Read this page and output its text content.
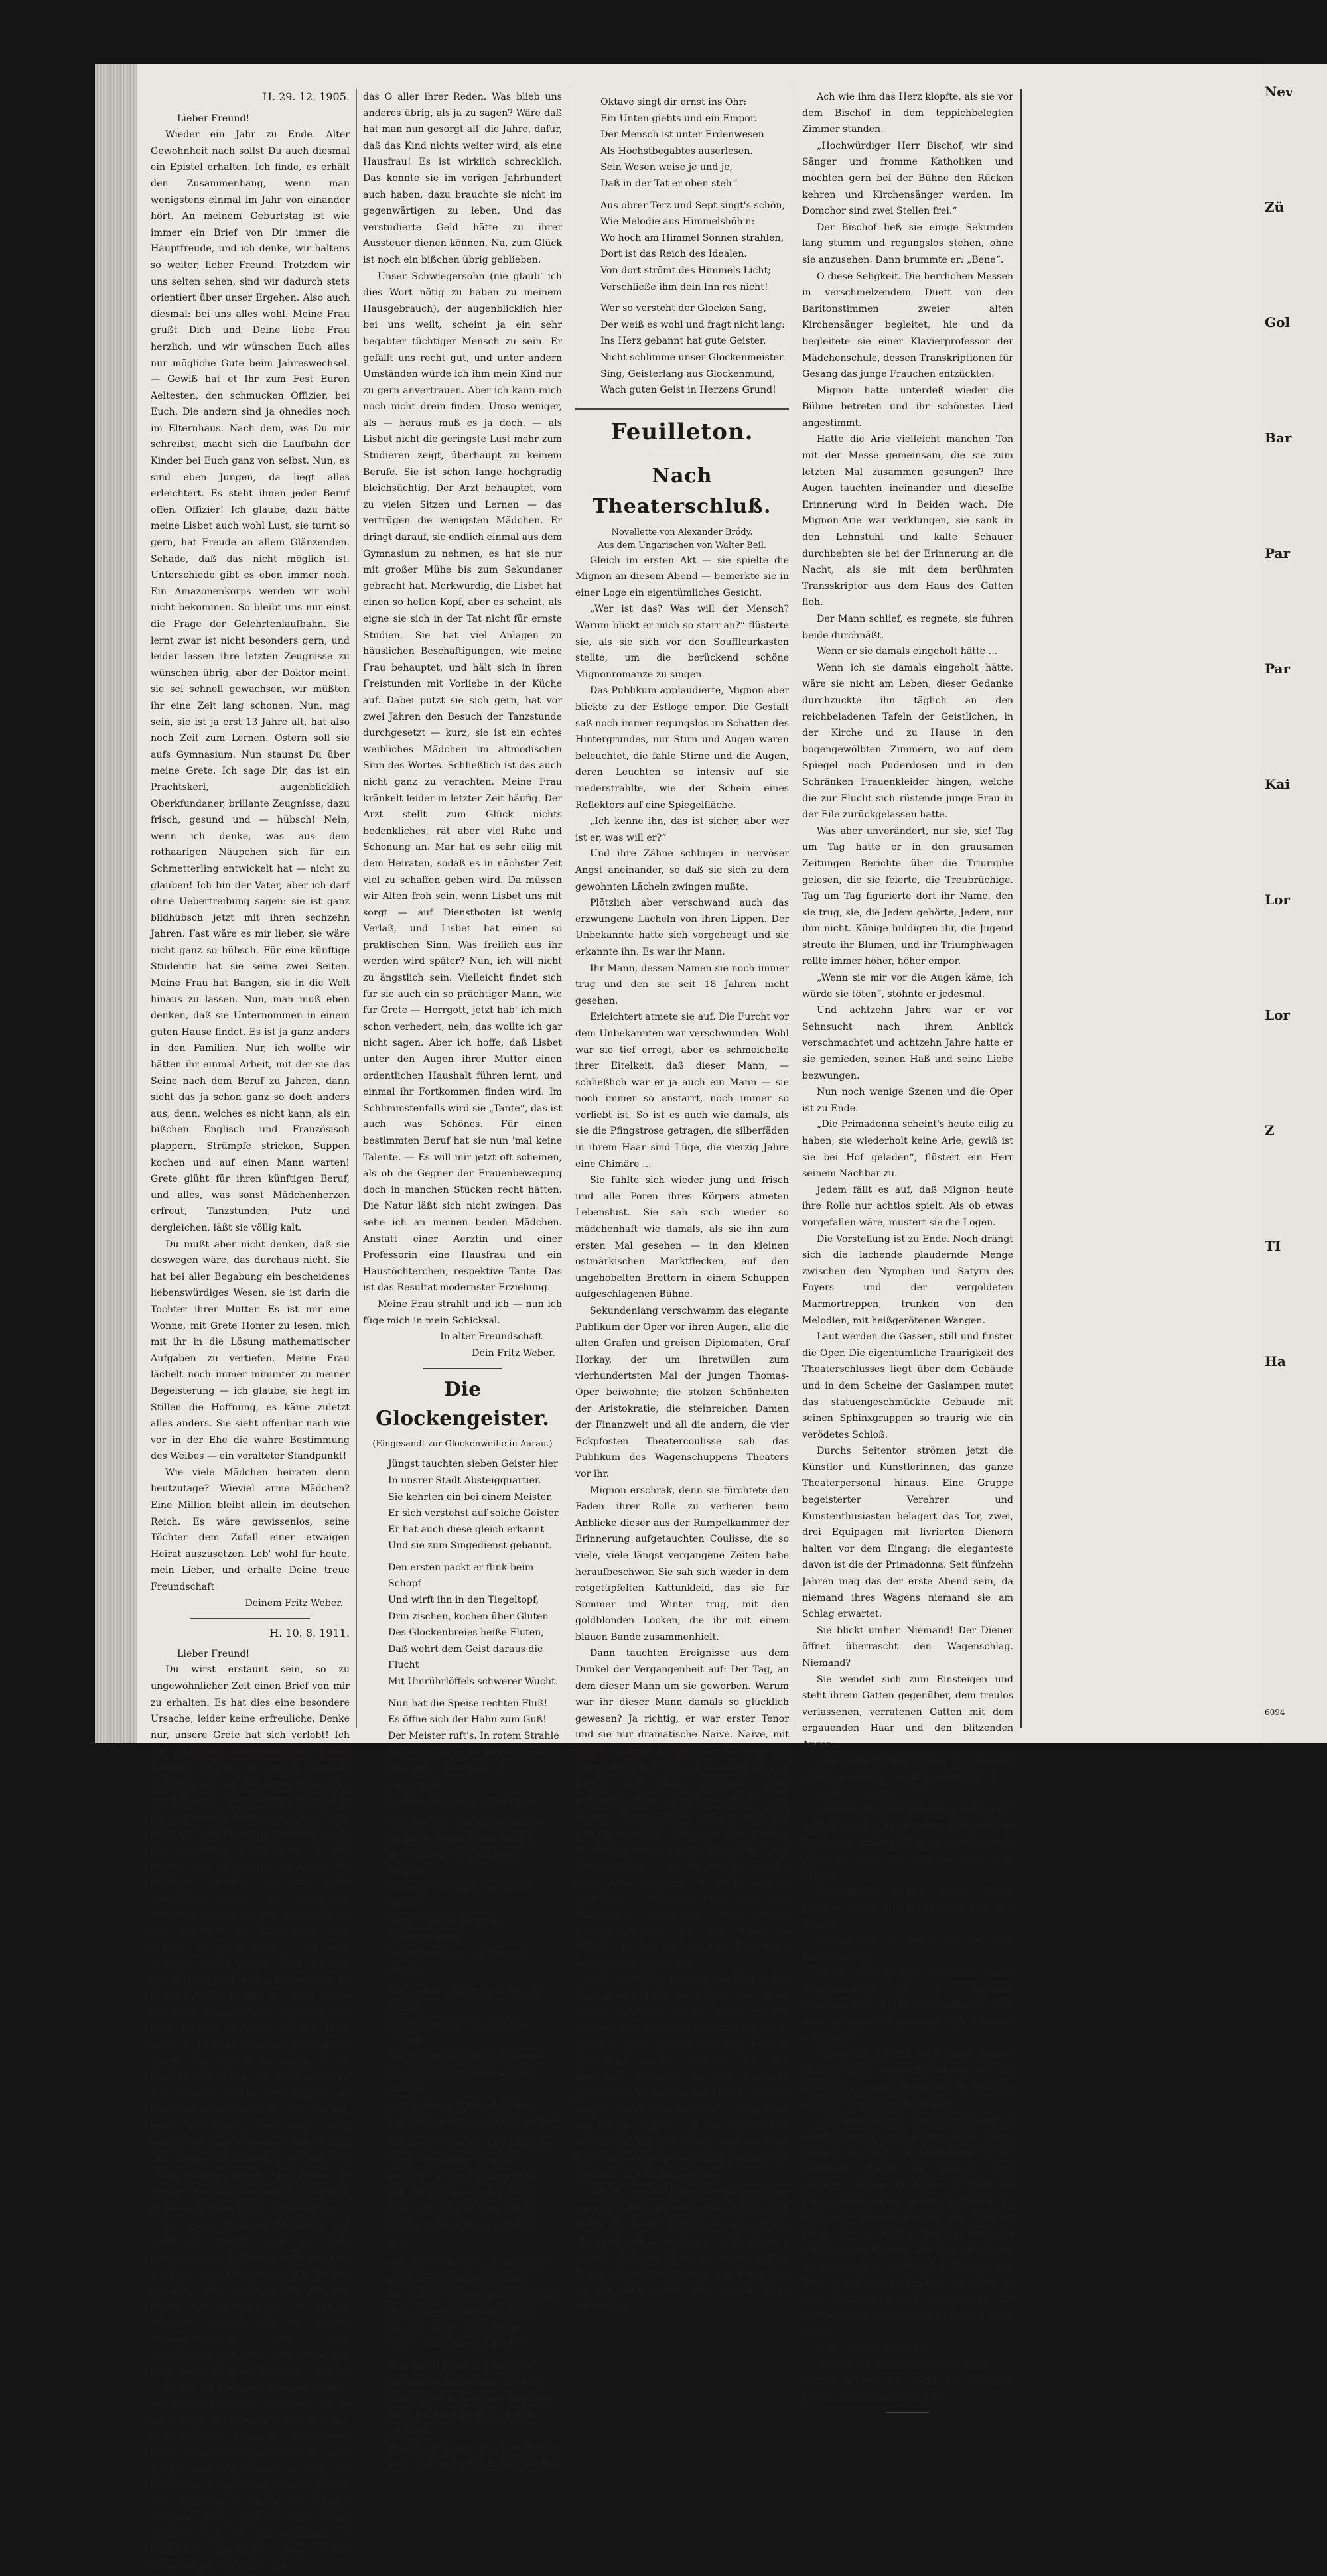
H. 29. 12. 1905.

Lieber Freund!

Wieder ein Jahr zu Ende. Alter Gewohnheit nach sollst Du auch diesmal ein Epistel erhalten. Ich finde, es erhält den Zusammenhang, wenn man wenigstens einmal im Jahr von einander hört. An meinem Geburtstag ist wie immer ein Brief von Dir immer die Hauptfreude, und ich denke, wir haltens so weiter, lieber Freund. Trotzdem wir uns selten sehen, sind wir dadurch stets orientiert über unser Ergehen. Also auch diesmal: bei uns alles wohl. Meine Frau grüßt Dich und Deine liebe Frau herzlich, und wir wünschen Euch alles nur mögliche Gute beim Jahreswechsel. — Gewiß hat et Ihr zum Fest Euren Aeltesten, den schmucken Offizier, bei Euch. Die andern sind ja ohnedies noch im Elternhaus. Nach dem, was Du mir schreibst, macht sich die Laufbahn der Kinder bei Euch ganz von selbst. Nun, es sind eben Jungen, da liegt alles erleichtert. Es steht ihnen jeder Beruf offen. Offizier! Ich glaube, dazu hätte meine Lisbet auch wohl Lust, sie turnt so gern, hat Freude an allem Glänzenden. Schade, daß das nicht möglich ist. Unterschiede gibt es eben immer noch. Ein Amazonenkorps werden wir wohl nicht bekommen. So bleibt uns nur einst die Frage der Gelehrtenlaufbahn. Sie lernt zwar ist nicht besonders gern, und leider lassen ihre letzten Zeugnisse zu wünschen übrig, aber der Doktor meint, sie sei schnell gewachsen, wir müßten ihr eine Zeit lang schonen. Nun, mag sein, sie ist ja erst 13 Jahre alt, hat also noch Zeit zum Lernen. Ostern soll sie aufs Gymnasium. Nun staunst Du über meine Grete. Ich sage Dir, das ist ein Prachtskerl, augenblicklich Oberkfundaner, brillante Zeugnisse, dazu frisch, gesund und — hübsch! Nein, wenn ich denke, was aus dem rothaarigen Näupchen sich für ein Schmetterling entwickelt hat — nicht zu glauben! Ich bin der Vater, aber ich darf ohne Uebertreibung sagen: sie ist ganz bildhübsch jetzt mit ihren sechzehn Jahren. Fast wäre es mir lieber, sie wäre nicht ganz so hübsch. Für eine künftige Studentin hat sie seine zwei Seiten. Meine Frau hat Bangen, sie in die Welt hinaus zu lassen. Nun, man muß eben denken, daß sie Unternommen in einem guten Hause findet. Es ist ja ganz anders in den Familien. Nur, ich wollte wir hätten ihr einmal Arbeit, mit der sie das Seine nach dem Beruf zu Jahren, dann sieht das ja schon ganz so doch anders aus, denn, welches es nicht kann, als ein bißchen Englisch und Französisch plappern, Strümpfe stricken, Suppen kochen und auf einen Mann warten! Grete glüht für ihren künftigen Beruf, und alles, was sonst Mädchenherzen erfreut, Tanzstunden, Putz und dergleichen, läßt sie völlig kalt.

Du mußt aber nicht denken, daß sie deswegen wäre, das durchaus nicht. Sie hat bei aller Begabung ein bescheidenes liebenswürdiges Wesen, sie ist darin die Tochter ihrer Mutter. Es ist mir eine Wonne, mit Grete Homer zu lesen, mich mit ihr in die Lösung mathematischer Aufgaben zu vertiefen. Meine Frau lächelt noch immer minunter zu meiner Begeisterung — ich glaube, sie hegt im Stillen die Hoffnung, es käme zuletzt alles anders. Sie sieht offenbar nach wie vor in der Ehe die wahre Bestimmung des Weibes — ein veralteter Standpunkt!

Wie viele Mädchen heiraten denn heutzutage? Wieviel arme Mädchen? Eine Million bleibt allein im deutschen Reich. Es wäre gewissenlos, seine Töchter dem Zufall einer etwaigen Heirat auszusetzen. Leb' wohl für heute, mein Lieber, und erhalte Deine treue Freundschaft

Deinem Fritz Weber.
H. 10. 8. 1911.

Lieber Freund!

Du wirst erstaunt sein, so zu ungewöhnlicher Zeit einen Brief von mir zu erhalten. Es hat dies eine besondere Ursache, leider keine erfreuliche. Denke nur, unsere Grete hat sich verlobt! Ich bin noch ganz benommen von diesem Ereignis, welches in andern Familien vielleicht als ein freudiges bezeichnet werden würde. Aber bei uns! Nein, hätte ich so etwas für möglich gehalten. Grete hatte eben ihr Physikum bestanden, sehr gut bestanden, trotzdem sie in der letzten Zeit oft meinte, es kämen ihr mitunter Zweifel, ob ihre Kraft ausreichen würde für praktische Verwertung ihrer Studien. Das sollte so viel Schweres zu überwinden. Das nehme ich nicht ernst — es geht Männern häufig ebenso. Kurz, ich war glücklich und sah meine Grete schon im Doktorhut. Da kommt sie eines Tages angereist, ganz plötzlich, wirft sich erst ihrer Mutter, dann mir an den Hals, weint, lacht, und ruft aus: Ach, Ihr lieben Eltern, ich bin ja so glücklich, so unendlich glücklich, ich habe mich mit Mar Herzer verlobt! Du kannst Dir unsern Schrecken denken, d. h. meinen, müßt' ich sagen, denn meine Frau machte ein ganz befriedigte Miene dazu und behauptete hinterher, sie hätte so etwas kommen sehen. Mar Herzer ist nämlich der Sohn des Schulrates Herzer, in dessen Familie Grete in Pension war.

Der junge Mann ist Mediziner und steht im Begriff, sich als Arzt niederzulassen. Natürlich hatte er unser Studium ihn öfters in seinen Briefen erwähnt, aber dabei dachte ich mir nichts. Das Interesse für die gleiche Studium musste sie ja beiden zusammenführen. Nun war selbstverständlich erst sehr böse und hielt Grete eine große Strafrede, aber sie — lachte mich einfach aus und meinte, zur Aerztin bestimmt, nun werde sie ja zur Aerztin in der einfacheren Art einer Frau Doktorin! Es sei ihr freilich erst recht schwer gefallen, sie habe ihre Studien sehr lieb gehabt, sie wolle sie jetzt ihrem Verlobten nicht nachtun, und Mar wünschte sie hätte im weiteren Studium fertig, das sie mir weiter studiere, und sie mir glücklich, so unendlich glücklich. Diese letzte Versicherung war das A und

das O aller ihrer Reden. Was blieb uns anderes übrig, als ja zu sagen? Wäre daß hat man nun gesorgt all' die Jahre, dafür, daß das Kind nichts weiter wird, als eine Hausfrau! Es ist wirklich schrecklich. Das konnte sie im vorigen Jahrhundert auch haben, dazu brauchte sie nicht im gegenwärtigen zu leben. Und das verstudierte Geld hätte zu ihrer Aussteuer dienen können. Na, zum Glück ist noch ein bißchen übrig geblieben.

Unser Schwiegersohn (nie glaub' ich dies Wort nötig zu haben zu meinem Hausgebrauch), der augenblicklich hier bei uns weilt, scheint ja ein sehr begabter tüchtiger Mensch zu sein. Er gefällt uns recht gut, und unter andern Umständen würde ich ihm mein Kind nur zu gern anvertrauen. Aber ich kann mich noch nicht drein finden. Umso weniger, als — heraus muß es ja doch, — als Lisbet nicht die geringste Lust mehr zum Studieren zeigt, überhaupt zu keinem Berufe. Sie ist schon lange hochgradig bleichsüchtig. Der Arzt behauptet, vom zu vielen Sitzen und Lernen — das vertrügen die wenigsten Mädchen. Er dringt darauf, sie endlich einmal aus dem Gymnasium zu nehmen, es hat sie nur mit großer Mühe bis zum Sekundaner gebracht hat. Merkwürdig, die Lisbet hat einen so hellen Kopf, aber es scheint, als eigne sie sich in der Tat nicht für ernste Studien. Sie hat viel Anlagen zu häuslichen Beschäftigungen, wie meine Frau behauptet, und hält sich in ihren Freistunden mit Vorliebe in der Küche auf. Dabei putzt sie sich gern, hat vor zwei Jahren den Besuch der Tanzstunde durchgesetzt — kurz, sie ist ein echtes weibliches Mädchen im altmodischen Sinn des Wortes. Schließlich ist das auch nicht ganz zu verachten. Meine Frau kränkelt leider in letzter Zeit häufig. Der Arzt stellt zum Glück nichts bedenkliches, rät aber viel Ruhe und Schonung an. Mar hat es sehr eilig mit dem Heiraten, sodaß es in nächster Zeit viel zu schaffen geben wird. Da müssen wir Alten froh sein, wenn Lisbet uns mit sorgt — auf Dienstboten ist wenig Verlaß, und Lisbet hat einen so praktischen Sinn. Was freilich aus ihr werden wird später? Nun, ich will nicht zu ängstlich sein. Vielleicht findet sich für sie auch ein so prächtiger Mann, wie für Grete — Herrgott, jetzt hab' ich mich schon verhedert, nein, das wollte ich gar nicht sagen. Aber ich hoffe, daß Lisbet unter den Augen ihrer Mutter einen ordentlichen Haushalt führen lernt, und einmal ihr Fortkommen finden wird. Im Schlimmstenfalls wird sie „Tante“, das ist auch was Schönes. Für einen bestimmten Beruf hat sie nun 'mal keine Talente. — Es will mir jetzt oft scheinen, als ob die Gegner der Frauenbewegung doch in manchen Stücken recht hätten. Die Natur läßt sich nicht zwingen. Das sehe ich an meinen beiden Mädchen. Anstatt einer Aerztin und einer Professorin eine Hausfrau und ein Haustöchterchen, respektive Tante. Das ist das Resultat modernster Erziehung.

Meine Frau strahlt und ich — nun ich füge mich in mein Schicksal.

In alter Freundschaft
Dein Fritz Weber.
Die Glockengeister.
(Eingesandt zur Glockenweihe in Aarau.)
Jüngst tauchten sieben Geister hier
In unsrer Stadt Absteigquartier.
Sie kehrten ein bei einem Meister,
Er sich verstehst auf solche Geister.
Er hat auch diese gleich erkannt
Und sie zum Singedienst gebannt.
Den ersten packt er flink beim Schopf
Und wirft ihn in den Tiegeltopf,
Drin zischen, kochen über Gluten
Des Glockenbreies heiße Fluten,
Daß wehrt dem Geist daraus die Flucht
Mit Umrührlöffels schwerer Wucht.
Nun hat die Speise rechten Fluß!
Es öffne sich der Hahn zum Guß!
Der Meister ruft's. In rotem Strahle
Ergießt sichs in die Glockenschaale,
Erstarrt. — Der Geist ist eingespannt
Ins Erz der Glocke, ist gebannt.
Und wie den ersten er bezwang,
Es mit den andern ihm gelang.
Der Glocken sieben goß der Meister;
Gebannt sind auch die sieben Geister.
Wenn anklopft Klöppels Schwergewicht,
So hört man wie, so Ringend spricht.
Aus großer Glocke tönts: Bimm, bumm!
Wo Bildung fehlt, geht vieles krumm.
Mit Bildung, der Weg zu Frieden;
Doch Tore führt man leicht die Blinden.
Volksbildung, breite, tiefe, vor,
Soll Volk und Staat zur Höh' empor!
Aus zweiter Glocke, Terz heißt sie,
Singt lebensfrohe Melodie:
Die Erde ist ein Wundergarten
Voll duft'ger Rosen aller Arten.
Geh', labe Dich an ihrer Pracht,
Doch nimm vor Dornen dich in acht!
Aus dritter Glocke, s'ist die Quint,
Zu hallen mächtig es beginnt:
Die Selbsterziehung keiner scheue!
Dem Andern gebe Deine Treue!
Die edle Kraft, die ist in dir,
In Tun und Lassen dominier!
Nun höre Liebes Ton und Text,
Die vierte Glocke singt, die Sext:
Wenn Einer sich zu weit vergriffen,
Beim Rückzug kann er abwärts schleifen,
Was du auch tust, wie du es treibst,
Sieh', daß in dir der Höh bu bleibst!
Oktave singt dir ernst ins Ohr:
Ein Unten giebts und ein Empor.
Der Mensch ist unter Erdenwesen
Als Höchstbegabtes auserlesen.
Sein Wesen weise je und je,
Daß in der Tat er oben steh'!
Aus obrer Terz und Sept singt's schön,
Wie Melodie aus Himmelshöh'n:
Wo hoch am Himmel Sonnen strahlen,
Dort ist das Reich des Idealen.
Von dort strömt des Himmels Licht;
Verschließe ihm dein Inn'res nicht!
Wer so versteht der Glocken Sang,
Der weiß es wohl und fragt nicht lang:
Ins Herz gebannt hat gute Geister,
Nicht schlimme unser Glockenmeister.
Sing, Geisterlang aus Glockenmund,
Wach guten Geist in Herzens Grund!
Feuilleton.
Nach Theaterschluß.
Novellette von Alexander Bródy.
Aus dem Ungarischen von Walter Beil.

Gleich im ersten Akt — sie spielte die Mignon an diesem Abend — bemerkte sie in einer Loge ein eigentümliches Gesicht.

„Wer ist das? Was will der Mensch? Warum blickt er mich so starr an?“ flüsterte sie, als sie sich vor den Souffleurkasten stellte, um die berückend schöne Mignonromanze zu singen.

Das Publikum applaudierte, Mignon aber blickte zu der Estloge empor. Die Gestalt saß noch immer regungslos im Schatten des Hintergrundes, nur Stirn und Augen waren beleuchtet, die fahle Stirne und die Augen, deren Leuchten so intensiv auf sie niederstrahlte, wie der Schein eines Reflektors auf eine Spiegelfläche.

„Ich kenne ihn, das ist sicher, aber wer ist er, was will er?“

Und ihre Zähne schlugen in nervöser Angst aneinander, so daß sie sich zu dem gewohnten Lächeln zwingen mußte.

Plötzlich aber verschwand auch das erzwungene Lächeln von ihren Lippen. Der Unbekannte hatte sich vorgebeugt und sie erkannte ihn. Es war ihr Mann.

Ihr Mann, dessen Namen sie noch immer trug und den sie seit 18 Jahren nicht gesehen.

Erleichtert atmete sie auf. Die Furcht vor dem Unbekannten war verschwunden. Wohl war sie tief erregt, aber es schmeichelte ihrer Eitelkeit, daß dieser Mann, — schließlich war er ja auch ein Mann — sie noch immer so anstarrt, noch immer so verliebt ist. So ist es auch wie damals, als sie die Pfingstrose getragen, die silberfäden in ihrem Haar sind Lüge, die vierzig Jahre eine Chimäre ...

Sie fühlte sich wieder jung und frisch und alle Poren ihres Körpers atmeten Lebenslust. Sie sah sich wieder so mädchenhaft wie damals, als sie ihn zum ersten Mal gesehen — in den kleinen ostmärkischen Marktflecken, auf den ungehobelten Brettern in einem Schuppen aufgeschlagenen Bühne.

Sekundenlang verschwamm das elegante Publikum der Oper vor ihren Augen, alle die alten Grafen und greisen Diplomaten, Graf Horkay, der um ihretwillen zum vierhundertsten Mal der jungen Thomas-Oper beiwohnte; die stolzen Schönheiten der Aristokratie, die steinreichen Damen der Finanzwelt und all die andern, die vier Eckpfosten Theatercoulisse sah das Publikum des Wagenschuppens Theaters vor ihr.

Mignon erschrak, denn sie fürchtete den Faden ihrer Rolle zu verlieren beim Anblicke dieser aus der Rumpelkammer der Erinnerung aufgetauchten Coulisse, die so viele, viele längst vergangene Zeiten habe heraufbeschwor. Sie sah sich wieder in dem rotgetüpfelten Kattunkleid, das sie für Sommer und Winter trug, mit den goldblonden Locken, die ihr mit einem blauen Bande zusammenhielt.

Dann tauchten Ereignisse aus dem Dunkel der Vergangenheit auf: Der Tag, an dem dieser Mann um sie geworben. Warum war ihr dieser Mann damals so glücklich gewesen? Ja richtig, er war erster Tenor und sie nur dramatische Naive. Naive, mit dieser Stimme! Sie glaubte, als Frau des Tenoristen, Ansprüche auf Gesangsrollen zu haben. Ihre Rolle verlangte einen melancholischen Gesichtsausdruck und traurige Augen, und es war das erste Mal daß ihr Engel ihr näher zog: die Trauung, die Hochzeitsreise auf einem Heuwagen, die Flitterwochen — wo sie mit der Familie eines alten Komikers in einem Zimmer verlebten — Gühende Liebe und zum Mittagsbrot Schafkäse, die ersten Eifersuchtsszenen, das Alles stand so lebhaft vor ihr, daß sie jene leuchtende Jugendwärme unstrahlte.

Stolz und mutig warf sie den Kopf in den Nacken und blickte zu dem Gatten empor, dessen knochiges Antlitz wieder in den Schatten tauchte. Ernst und starr blickte er hinunter. Dieser Akt, in dem seine Frau so hinreißend spielte, machte auf ihn denselben Eindruck wie vor achtzehn Jahren. Sie wollte morden, töten, sterben mögen, als er in seine Frau — wenn auch nur auf der Bühne — in den Armen eines andern sah. Ein Zittern voll Qual und Pein, dann wieder durchrieselte ihn abermals der Gedanke: nur ihr, sie war mein.

Als sie von der Bühne verschwand, war sie erleichtert, auf jeden Fall, daß sie ihm nicht mit ihrem Herzen von der Bühne Abschied nahm, weil er's nicht ertragen konnte, daß sie Blicke an einen andern Mann verschwendete, daß sie Komödiant sie umarmen durfte, weil es die Rolle vorschrieb.

Ach wie ihm das Herz klopfte, als sie vor dem Bischof in dem teppichbelegten Zimmer standen.

„Hochwürdiger Herr Bischof, wir sind Sänger und fromme Katholiken und möchten gern bei der Bühne den Rücken kehren und Kirchensänger werden. Im Domchor sind zwei Stellen frei.“

Der Bischof ließ sie einige Sekunden lang stumm und regungslos stehen, ohne sie anzusehen. Dann brummte er: „Bene“.

O diese Seligkeit. Die herrlichen Messen in verschmelzendem Duett von den Baritonstimmen zweier alten Kirchensänger begleitet, hie und da begleitete sie einer Klavierprofessor der Mädchenschule, dessen Transkriptionen für Gesang das junge Frauchen entzückten.

Mignon hatte unterdeß wieder die Bühne betreten und ihr schönstes Lied angestimmt.

Hatte die Arie vielleicht manchen Ton mit der Messe gemeinsam, die sie zum letzten Mal zusammen gesungen? Ihre Augen tauchten ineinander und dieselbe Erinnerung wird in Beiden wach. Die Mignon-Arie war verklungen, sie sank in den Lehnstuhl und kalte Schauer durchbebten sie bei der Erinnerung an die Nacht, als sie mit dem berühmten Transskriptor aus dem Haus des Gatten floh.

Der Mann schlief, es regnete, sie fuhren beide durchnäßt.

Wenn er sie damals eingeholt hätte ...

Wenn ich sie damals eingeholt hätte, wäre sie nicht am Leben, dieser Gedanke durchzuckte ihn täglich an den reichbeladenen Tafeln der Geistlichen, in der Kirche und zu Hause in den bogengewölbten Zimmern, wo auf dem Spiegel noch Puderdosen und in den Schränken Frauenkleider hingen, welche die zur Flucht sich rüstende junge Frau in der Eile zurückgelassen hatte.

Was aber unverändert, nur sie, sie! Tag um Tag hatte er in den grausamen Zeitungen Berichte über die Triumphe gelesen, die sie feierte, die Treubrüchige. Tag um Tag figurierte dort ihr Name, den sie trug, sie, die Jedem gehörte, Jedem, nur ihm nicht. Könige huldigten ihr, die Jugend streute ihr Blumen, und ihr Triumphwagen rollte immer höher, höher empor.

„Wenn sie mir vor die Augen käme, ich würde sie töten“, stöhnte er jedesmal.

Und achtzehn Jahre war er vor Sehnsucht nach ihrem Anblick verschmachtet und achtzehn Jahre hatte er sie gemieden, seinen Haß und seine Liebe bezwungen.

Nun noch wenige Szenen und die Oper ist zu Ende.

„Die Primadonna scheint's heute eilig zu haben; sie wiederholt keine Arie; gewiß ist sie bei Hof geladen“, flüstert ein Herr seinem Nachbar zu.

Jedem fällt es auf, daß Mignon heute ihre Rolle nur achtlos spielt. Als ob etwas vorgefallen wäre, mustert sie die Logen.

Die Vorstellung ist zu Ende. Noch drängt sich die lachende plaudernde Menge zwischen den Nymphen und Satyrn des Foyers und der vergoldeten Marmortreppen, trunken von den Melodien, mit heißgerötenen Wangen.

Laut werden die Gassen, still und finster die Oper. Die eigentümliche Traurigkeit des Theaterschlusses liegt über dem Gebäude und in dem Scheine der Gaslampen mutet das statuengeschmückte Gebäude mit seinen Sphinxgruppen so traurig wie ein verödetes Schloß.

Durchs Seitentor strömen jetzt die Künstler und Künstlerinnen, das ganze Theaterpersonal hinaus. Eine Gruppe begeisterter Verehrer und Kunstenthusiasten belagert das Tor, zwei, drei Equipagen mit livrierten Dienern halten vor dem Eingang; die eleganteste davon ist die der Primadonna. Seit fünfzehn Jahren mag das der erste Abend sein, da niemand ihres Wagens niemand sie am Schlag erwartet.

Sie blickt umher. Niemand! Der Diener öffnet überrascht den Wagenschlag. Niemand?

Sie wendet sich zum Einsteigen und steht ihrem Gatten gegenüber, dem treulos verlassenen, verratenen Gatten mit dem ergauenden Haar und den blitzenden Augen.

Eine Sekunde lang stehen sie einander stumm gegenüber, endlich stammelte er:

„Jetzt — — jetzt — —“

„Werden Sie mich besuchen, natürlich!“ ergänzt sie die abgerissenen Worte und in die Kissen sinkend führt sie lächelnd fort: „Kommen Sie, wir sind ja nach dem Theater.“

Mechanisch, seiner Sinne kaum mächtig, steigt er ein, und fort rollt der Wagen.

Stumm sitzt er neben ihr, sie aber flüstert hastig:

„Weißt Du, daß ich von Beiden schon Theaterschluß? Ja, ja, umsonst, Theaterschluß. Finita la commedia! Jetzt noch ein gutes Souper und dann schlafen, schlafen.“

„Weißt Du, daß ich noch immer Deinen Namen trage? vielleicht solltest wir gar nicht mehr auseinandergehen, da doch die Komödie ohnehin zu Ende geht.“

Sie sprach so leise und so rasch, daß er kaum verstand, was sie sagte. Ganz so wie damals. Sie hatte ja noch diesen alten Ausdruck! Waren Sie gealtert oder geläutert, würde ihr Augen so? Dich die Züge hatten einen andern Ausdruck. Er fühlt seine Wangen; der Duft, der Atem; er fühlte nur ihr Antlitz, hat ihr, Otterpelz streifte seine Wangen; der Duft, der Atem; er fühlte nur ihr Antlitz, hat ihr Haß und Groll und Haß hinschmolzen, als fließe in tiefe Melancholie sich verwandelte, als höre er, so leise und traurige Klänge eines Cellos.

Und leise flüsterte sie:

„Es war so schön, als wir anfingen . . . . Warum sollten wir nicht bei einander bleiben nach Theaterschluß?“

Nev
Zü
Gol
Bar
Par
Par
Kai
Lor
Lor
Z
TI
Ha
6094
